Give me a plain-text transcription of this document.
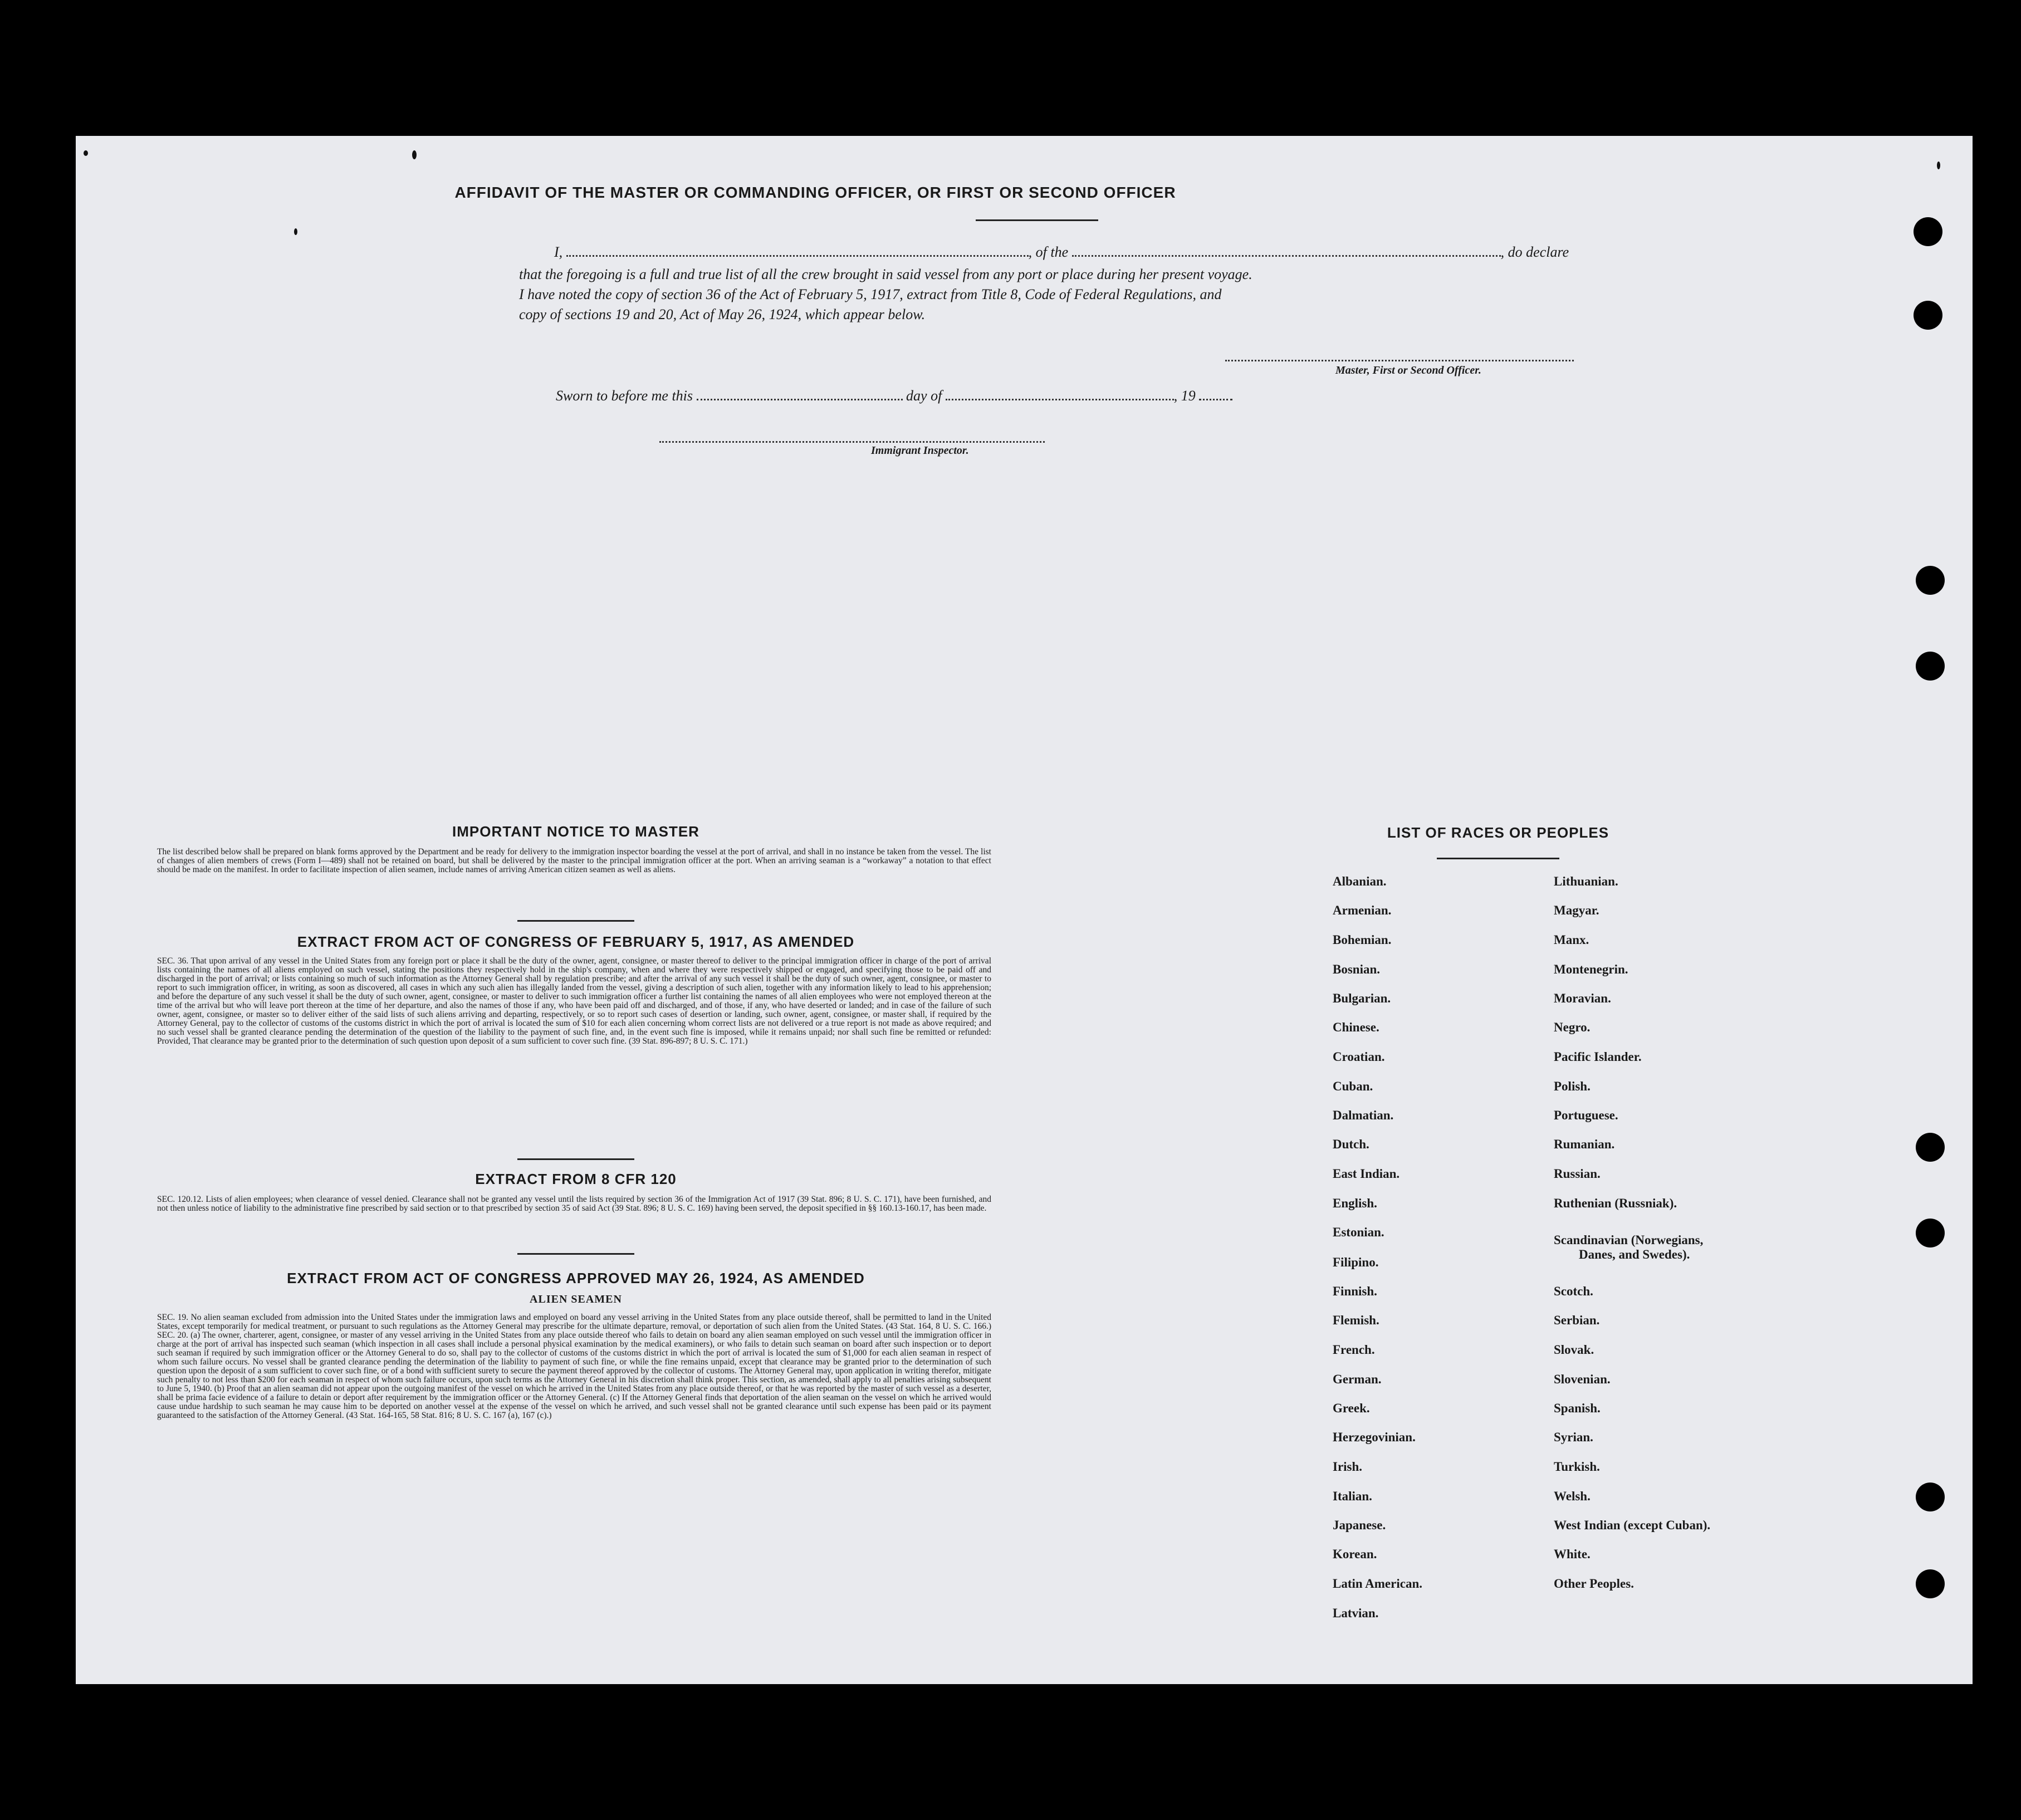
AFFIDAVIT OF THE MASTER OR COMMANDING OFFICER, OR FIRST OR SECOND OFFICER
I,	, of the	, do declare
that the foregoing is a full and true list of all the crew brought in said vessel from any port or place during her present voyage.
I have noted the copy of section 36 of the Act of February 5, 1917, extract from Title 8, Code of Federal Regulations, and
copy of sections 19 and 20, Act of May 26, 1924, which appear below.
Master, First or Second Officer.
Sworn to before me this	day of	, 19
Immigrant Inspector.
IMPORTANT NOTICE TO MASTER
The list described below shall be prepared on blank forms approved by the Department and be ready for delivery to the immigration inspector boarding the vessel at the port of arrival, and shall in no instance be taken from the vessel. The list of changes of alien members of crews (Form I—489) shall not be retained on board, but shall be delivered by the master to the principal immigration officer at the port. When an arriving seaman is a “workaway” a notation to that effect should be made on the manifest. In order to facilitate inspection of alien seamen, include names of arriving American citizen seamen as well as aliens.
EXTRACT FROM ACT OF CONGRESS OF FEBRUARY 5, 1917, AS AMENDED
SEC. 36. That upon arrival of any vessel in the United States from any foreign port or place it shall be the duty of the owner, agent, consignee, or master thereof to deliver to the principal immigration officer in charge of the port of arrival lists containing the names of all aliens employed on such vessel, stating the positions they respectively hold in the ship's company, when and where they were respectively shipped or engaged, and specifying those to be paid off and discharged in the port of arrival; or lists containing so much of such information as the Attorney General shall by regulation prescribe; and after the arrival of any such vessel it shall be the duty of such owner, agent, consignee, or master to report to such immigration officer, in writing, as soon as discovered, all cases in which any such alien has illegally landed from the vessel, giving a description of such alien, together with any information likely to lead to his apprehension; and before the departure of any such vessel it shall be the duty of such owner, agent, consignee, or master to deliver to such immigration officer a further list containing the names of all alien employees who were not employed thereon at the time of the arrival but who will leave port thereon at the time of her departure, and also the names of those if any, who have been paid off and discharged, and of those, if any, who have deserted or landed; and in case of the failure of such owner, agent, consignee, or master so to deliver either of the said lists of such aliens arriving and departing, respectively, or so to report such cases of desertion or landing, such owner, agent, consignee, or master shall, if required by the Attorney General, pay to the collector of customs of the customs district in which the port of arrival is located the sum of $10 for each alien concerning whom correct lists are not delivered or a true report is not made as above required; and no such vessel shall be granted clearance pending the determination of the question of the liability to the payment of such fine, and, in the event such fine is imposed, while it remains unpaid; nor shall such fine be remitted or refunded: Provided, That clearance may be granted prior to the determination of such question upon deposit of a sum sufficient to cover such fine. (39 Stat. 896-897; 8 U. S. C. 171.)
EXTRACT FROM 8 CFR 120
SEC. 120.12. Lists of alien employees; when clearance of vessel denied. Clearance shall not be granted any vessel until the lists required by section 36 of the Immigration Act of 1917 (39 Stat. 896; 8 U. S. C. 171), have been furnished, and not then unless notice of liability to the administrative fine prescribed by said section or to that prescribed by section 35 of said Act (39 Stat. 896; 8 U. S. C. 169) having been served, the deposit specified in §§ 160.13-160.17, has been made.
EXTRACT FROM ACT OF CONGRESS APPROVED MAY 26, 1924, AS AMENDED
ALIEN SEAMEN
SEC. 19. No alien seaman excluded from admission into the United States under the immigration laws and employed on board any vessel arriving in the United States from any place outside thereof, shall be permitted to land in the United States, except temporarily for medical treatment, or pursuant to such regulations as the Attorney General may prescribe for the ultimate departure, removal, or deportation of such alien from the United States. (43 Stat. 164, 8 U. S. C. 166.) SEC. 20. (a) The owner, charterer, agent, consignee, or master of any vessel arriving in the United States from any place outside thereof who fails to detain on board any alien seaman employed on such vessel until the immigration officer in charge at the port of arrival has inspected such seaman (which inspection in all cases shall include a personal physical examination by the medical examiners), or who fails to detain such seaman on board after such inspection or to deport such seaman if required by such immigration officer or the Attorney General to do so, shall pay to the collector of customs of the customs district in which the port of arrival is located the sum of $1,000 for each alien seaman in respect of whom such failure occurs. No vessel shall be granted clearance pending the determination of the liability to payment of such fine, or while the fine remains unpaid, except that clearance may be granted prior to the determination of such question upon the deposit of a sum sufficient to cover such fine, or of a bond with sufficient surety to secure the payment thereof approved by the collector of customs. The Attorney General may, upon application in writing therefor, mitigate such penalty to not less than $200 for each seaman in respect of whom such failure occurs, upon such terms as the Attorney General in his discretion shall think proper. This section, as amended, shall apply to all penalties arising subsequent to June 5, 1940. (b) Proof that an alien seaman did not appear upon the outgoing manifest of the vessel on which he arrived in the United States from any place outside thereof, or that he was reported by the master of such vessel as a deserter, shall be prima facie evidence of a failure to detain or deport after requirement by the immigration officer or the Attorney General. (c) If the Attorney General finds that deportation of the alien seaman on the vessel on which he arrived would cause undue hardship to such seaman he may cause him to be deported on another vessel at the expense of the vessel on which he arrived, and such vessel shall not be granted clearance until such expense has been paid or its payment guaranteed to the satisfaction of the Attorney General. (43 Stat. 164-165, 58 Stat. 816; 8 U. S. C. 167 (a), 167 (c).)
LIST OF RACES OR PEOPLES
Albanian.
Armenian.
Bohemian.
Bosnian.
Bulgarian.
Chinese.
Croatian.
Cuban.
Dalmatian.
Dutch.
East Indian.
English.
Estonian.
Filipino.
Finnish.
Flemish.
French.
German.
Greek.
Herzegovinian.
Irish.
Italian.
Japanese.
Korean.
Latin American.
Latvian.
Lithuanian.
Magyar.
Manx.
Montenegrin.
Moravian.
Negro.
Pacific Islander.
Polish.
Portuguese.
Rumanian.
Russian.
Ruthenian (Russniak).
Scandinavian (Norwegians,
Danes, and Swedes).
Scotch.
Serbian.
Slovak.
Slovenian.
Spanish.
Syrian.
Turkish.
Welsh.
West Indian (except Cuban).
White.
Other Peoples.
